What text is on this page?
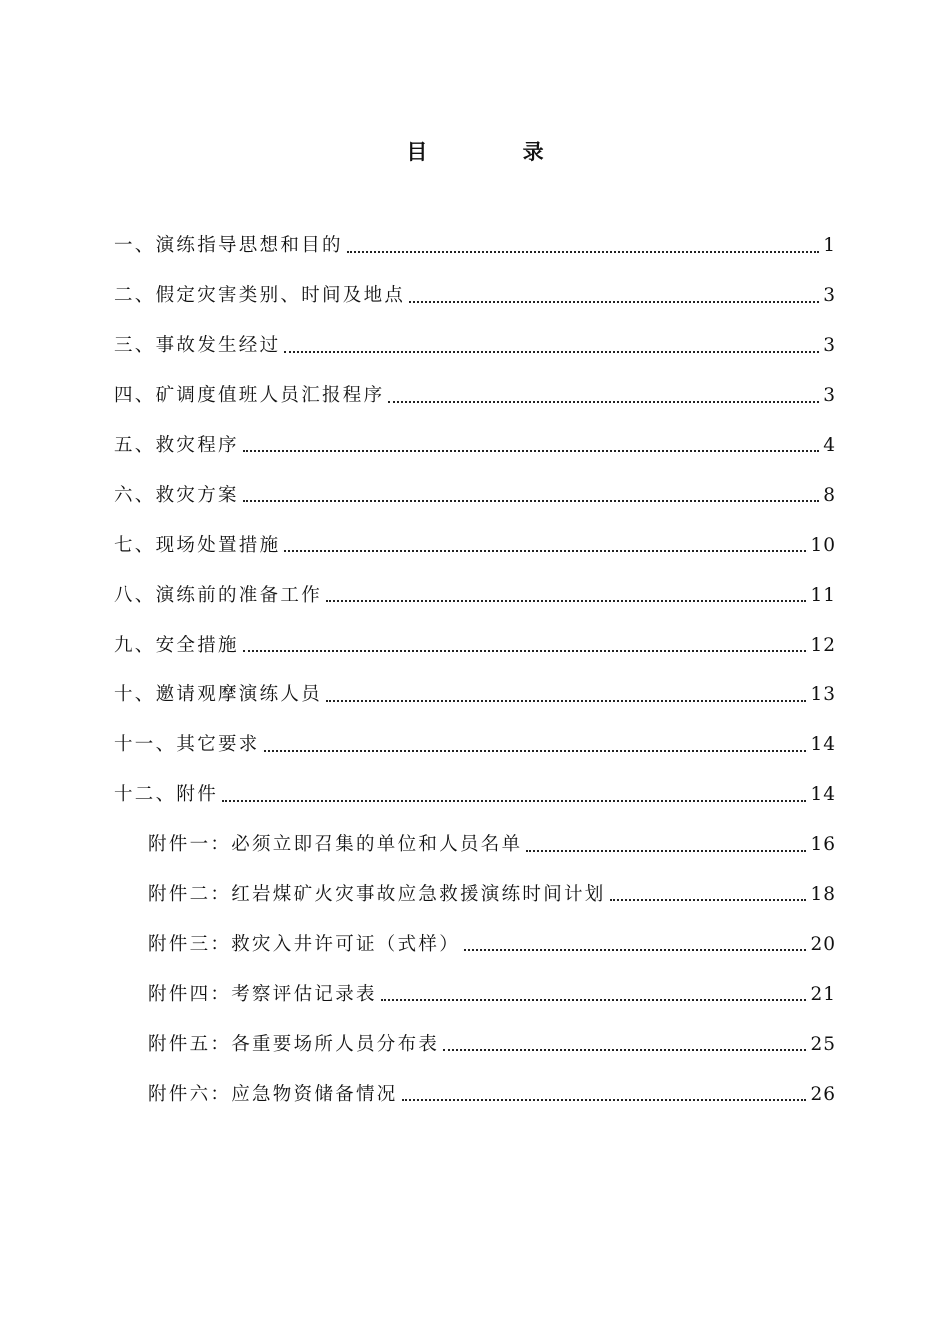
目 录
一、演练指导思想和目的	1
二、假定灾害类别、时间及地点	3
三、事故发生经过	3
四、矿调度值班人员汇报程序	3
五、救灾程序	4
六、救灾方案	8
七、现场处置措施	10
八、演练前的准备工作	11
九、安全措施	12
十、邀请观摩演练人员	13
十一、其它要求	14
十二、附件	14
附件一：必须立即召集的单位和人员名单	16
附件二：红岩煤矿火灾事故应急救援演练时间计划	18
附件三：救灾入井许可证（式样）	20
附件四：考察评估记录表	21
附件五：各重要场所人员分布表	25
附件六：应急物资储备情况	26
